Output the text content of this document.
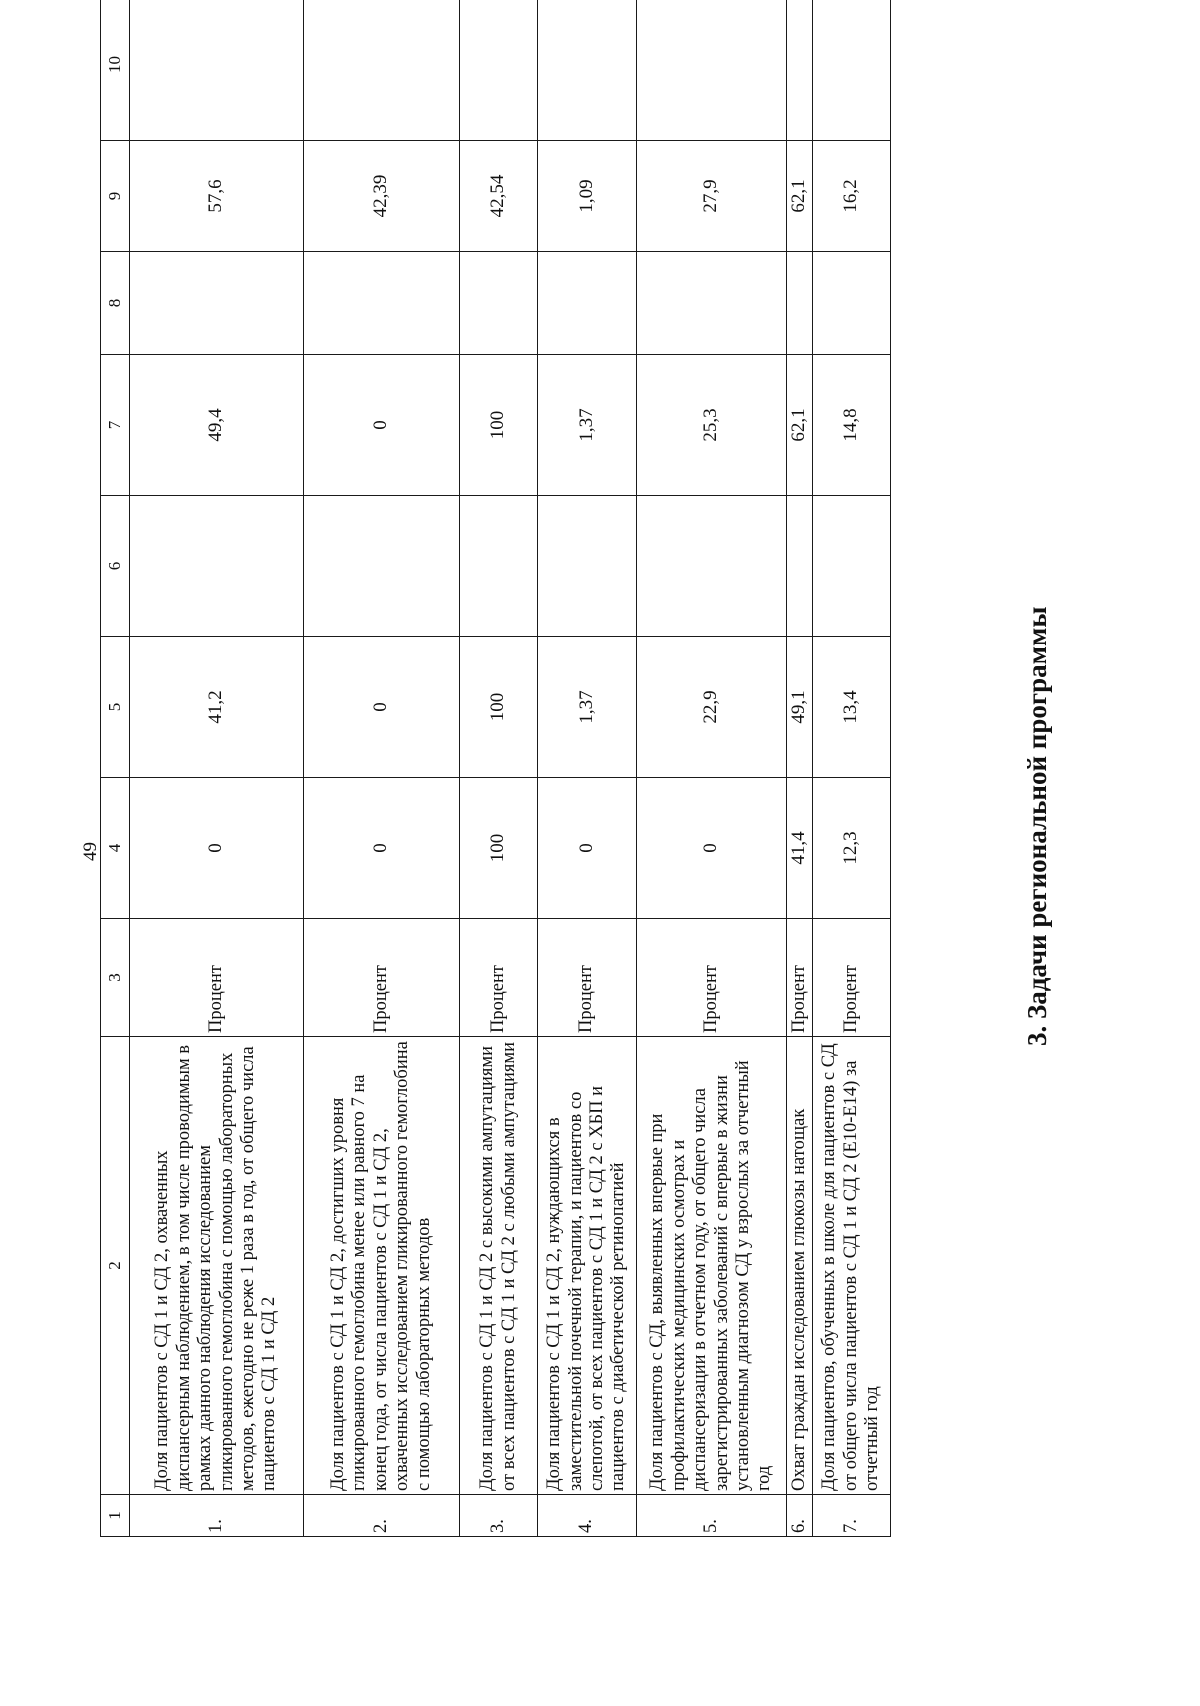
49
1	2	3	4	5	6	7	8	9	10
1.	Доля пациентов с СД 1 и СД 2, охваченных диспансерным наблюдением, в том числе проводимым в рамках данного наблюдения исследованием гликированного гемоглобина с помощью лабораторных методов, ежегодно не реже 1 раза в год, от общего числа пациентов с СД 1 и СД 2	Процент	0	41,2		49,4		57,6	
2.	Доля пациентов с СД 1 и СД 2, достигших уровня гликированного гемоглобина менее или равного 7 на конец года, от числа пациентов с СД 1 и СД 2, охваченных исследованием гликированного гемоглобина с помощью лабораторных методов	Процент	0	0		0		42,39	
3.	Доля пациентов с СД 1 и СД 2 с высокими ампутациями от всех пациентов с СД 1 и СД 2 с любыми ампутациями	Процент	100	100		100		42,54	
4.	Доля пациентов с СД 1 и СД 2, нуждающихся в заместительной почечной терапии, и пациентов со слепотой, от всех пациентов с СД 1 и СД 2 с ХБП и пациентов с диабетической ретинопатией	Процент	0	1,37		1,37		1,09	
5.	Доля пациентов с СД, выявленных впервые при профилактических медицинских осмотрах и диспансеризации в отчетном году, от общего числа зарегистрированных заболеваний с впервые в жизни установленным диагнозом СД у взрослых за отчетный год	Процент	0	22,9		25,3		27,9	
6.	Охват граждан исследованием глюкозы натощак	Процент	41,4	49,1		62,1		62,1	
7.	Доля пациентов, обученных в школе для пациентов с СД от общего числа пациентов с СД 1 и СД 2 (Е10-Е14) за отчетный год	Процент	12,3	13,4		14,8		16,2	
3. Задачи региональной программы
